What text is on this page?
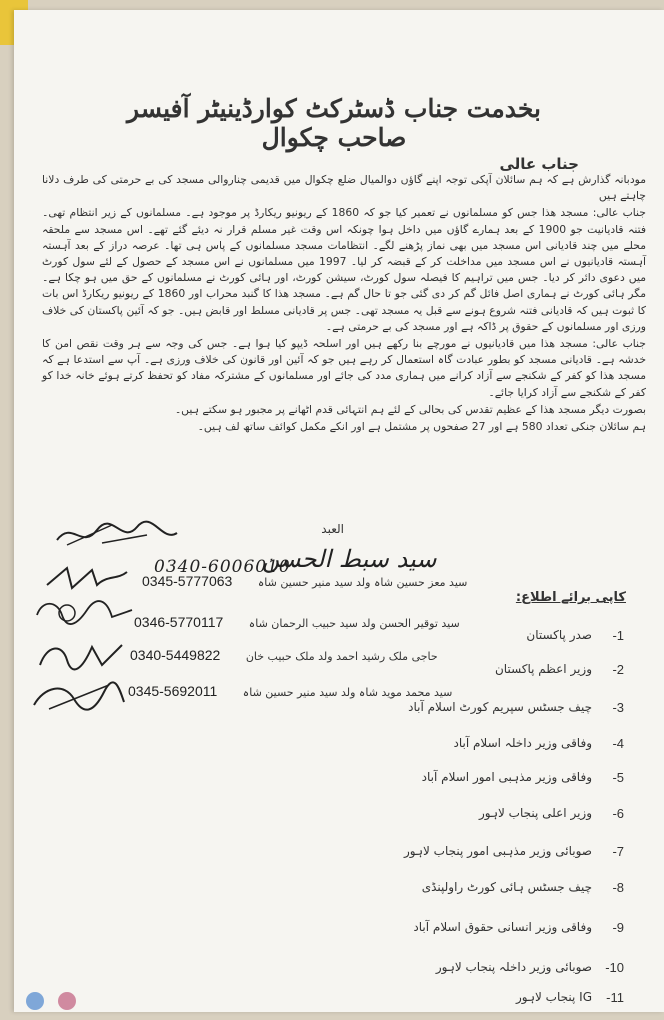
بخدمت جناب ڈسٹرکٹ کوارڈینیٹر آفیسر صاحب چکوال
جناب عالی

مودبانہ گذارش ہے کہ ہم سائلان آپکی توجہ اپنے گاؤں دوالمیال ضلع چکوال میں قدیمی چناروالی مسجد کی بے حرمتی کی طرف دلانا چاہتے ہیں

جناب عالی: مسجد ھذا جس کو مسلمانوں نے تعمیر کیا جو کہ 1860 کے ریونیو ریکارڈ پر موجود ہے۔ مسلمانوں کے زیر انتظام تھی۔ فتنہ قادیانیت جو 1900 کے بعد ہمارے گاؤں میں داخل ہوا چونکہ اس وقت غیر مسلم قرار نہ دیئے گئے تھے۔ اس مسجد سے ملحقہ محلے میں چند قادیانی اس مسجد میں بھی نماز پڑھنے لگے۔ انتظامات مسجد مسلمانوں کے پاس ہی تھا۔ عرصہ دراز کے بعد آہستہ آہستہ قادیانیوں نے اس مسجد میں مداخلت کر کے قبضہ کر لیا۔ 1997 میں مسلمانوں نے اس مسجد کے حصول کے لئے سول کورٹ میں دعوی دائر کر دیا۔ جس میں تراہیم کا فیصلہ سول کورٹ، سیشن کورٹ، اور ہائی کورٹ نے مسلمانوں کے حق میں ہو چکا ہے۔ مگر ہائی کورٹ نے ہماری اصل فائل گم کر دی گئی جو تا حال گم ہے۔ مسجد ھذا کا گنبد محراب اور 1860 کے ریونیو ریکارڈ اس بات کا ثبوت ہیں کہ قادیانی فتنہ شروع ہونے سے قبل یہ مسجد تھی۔ جس پر قادیانی مسلط اور قابض ہیں۔ جو کہ آئین پاکستان کی خلاف ورزی اور مسلمانوں کے حقوق پر ڈاکہ ہے اور مسجد کی بے حرمتی ہے۔

جناب عالی: مسجد ھذا میں قادیانیوں نے مورچے بنا رکھے ہیں اور اسلحہ ڈیپو کیا ہوا ہے۔ جس کی وجہ سے ہر وقت نقص امن کا خدشہ ہے۔ قادیانی مسجد کو بطور عبادت گاہ استعمال کر رہے ہیں جو کہ آئین اور قانون کی خلاف ورزی ہے۔ آپ سے استدعا ہے کہ مسجد ھذا کو کفر کے شکنجے سے آزاد کرانے میں ہماری مدد کی جائے اور مسلمانوں کے مشترکہ مفاد کو تحفظ کرتے ہوئے خانہ خدا کو کفر کے شکنجے سے آزاد کرایا جائے۔

بصورت دیگر مسجد ھذا کے عظیم تقدس کی بحالی کے لئے ہم انتہائی قدم اٹھانے پر مجبور ہو سکتے ہیں۔

ہم سائلان جنکی تعداد 580 ہے اور 27 صفحوں پر مشتمل ہے اور انکے مکمل کوائف ساتھ لف ہیں۔

العبد
سید سبط الحسن
0340-6006010
0345-5777063 سید معز حسین شاہ ولد سید منیر حسین شاہ
0346-5770117 سید توقیر الحسن ولد سید حبیب الرحمان شاہ
0340-5449822 حاجی ملک رشید احمد ولد ملک حبیب خان
0345-5692011 سید محمد موید شاہ ولد سید منیر حسین شاہ
کاپی برائے اطلاع:
-1
صدر پاکستان
-2
وزیر اعظم پاکستان
-3
چیف جسٹس سپریم کورٹ اسلام آباد
-4
وفاقی وزیر داخلہ اسلام آباد
-5
وفاقی وزیر مذہبی امور اسلام آباد
-6
وزیر اعلی پنجاب لاہور
-7
صوبائی وزیر مذہبی امور پنجاب لاہور
-8
چیف جسٹس ہائی کورٹ راولپنڈی
-9
وفاقی وزیر انسانی حقوق اسلام آباد
-10
صوبائی وزیر داخلہ پنجاب لاہور
-11
IG پنجاب لاہور
